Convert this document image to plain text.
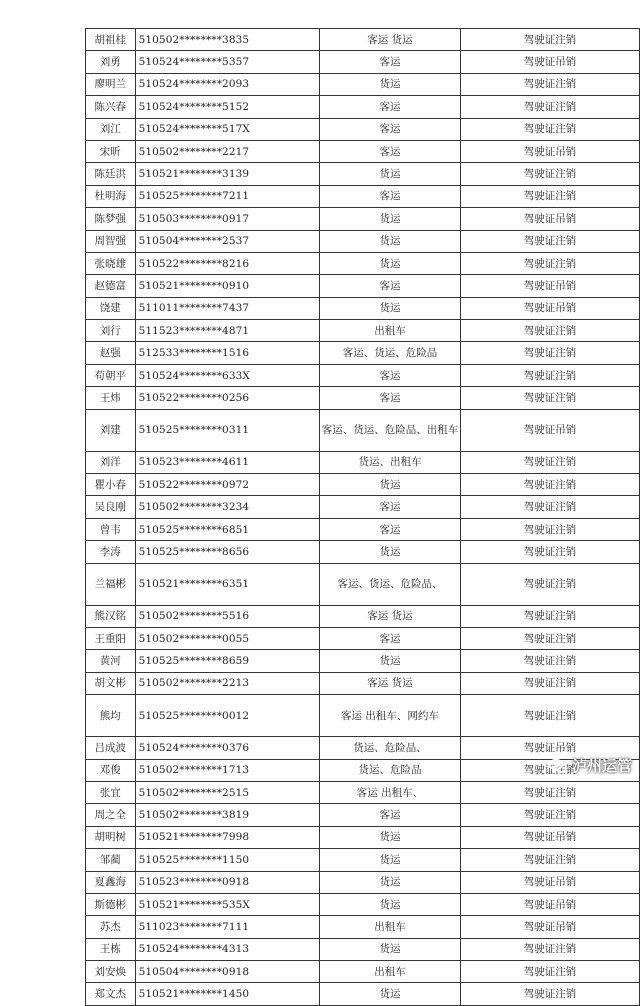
胡祖桂	510502********3835	客运 货运	驾驶证注销
刘勇	510524********5357	客运	驾驶证吊销
廖明兰	510524********2093	货运	驾驶证注销
陈兴春	510524********5152	客运	驾驶证注销
刘江	510524********517X	客运	驾驶证注销
宋昕	510502********2217	客运	驾驶证吊销
陈廷洪	510521********3139	货运	驾驶证注销
杜明海	510525********7211	客运	驾驶证注销
陈梦强	510503********0917	货运	驾驶证吊销
周智强	510504********2537	货运	驾驶证注销
张晓雄	510522********8216	货运	驾驶证注销
赵德富	510521********0910	客运	驾驶证吊销
饶建	511011********7437	货运	驾驶证吊销
刘行	511523********4871	出租车	驾驶证注销
赵强	512533********1516	客运、货运、危险品	驾驶证注销
苟朝平	510524********633X	客运	驾驶证注销
王炜	510522********0256	客运	驾驶证注销
刘建	510525********0311	客运、货运、危险品、出租车	驾驶证吊销
刘洋	510523********4611	货运、出租车	驾驶证注销
瞿小春	510522********0972	货运	驾驶证注销
吴良刚	510502********3234	客运	驾驶证注销
曾韦	510525********6851	客运	驾驶证注销
李涛	510525********8656	货运	驾驶证注销
兰福彬	510521********6351	客运、货运、危险品、	驾驶证注销
熊汉铭	510502********5516	客运 货运	驾驶证注销
王重阳	510502********0055	客运	驾驶证注销
黄河	510525********8659	货运	驾驶证注销
胡文彬	510502********2213	客运 货运	驾驶证注销
熊均	510525********0012	客运 出租车、网约车	驾驶证注销
吕成波	510524********0376	货运、危险品、	驾驶证吊销
邓俊	510502********1713	货运、危险品	驾驶证注销
张宜	510502********2515	客运 出租车、	驾驶证注销
周之全	510502********3819	客运	驾驶证注销
胡明树	510521********7998	货运	驾驶证吊销
邹蔺	510525********1150	货运	驾驶证注销
夏鑫海	510523********0918	货运	驾驶证吊销
斯德彬	510521********535X	货运	驾驶证吊销
苏杰	511023********7111	出租车	驾驶证吊销
王栋	510524********4313	货运	驾驶证注销
刘安焕	510504********0918	出租车	驾驶证注销
郑文杰	510521********1450	货运	驾驶证注销
泸州运管
